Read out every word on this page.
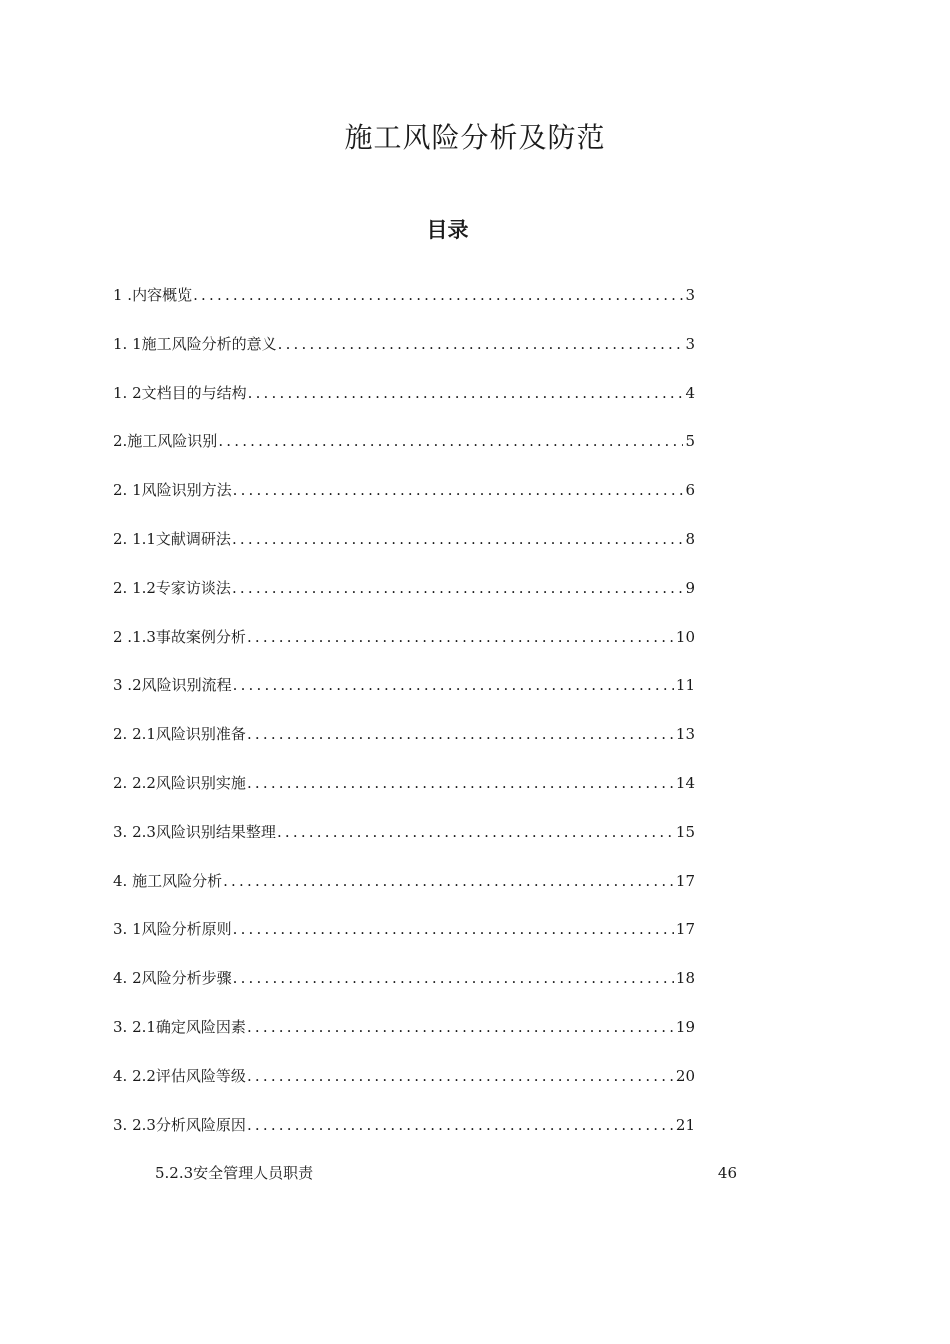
施工风险分析及防范
目录
1 .内容概览 .....	3
1. 1施工风险分析的意义 .....	3
1. 2文档目的与结构 .....	4
2.施工风险识别 .....	5
2. 1风险识别方法 .....	6
2. 1.1文献调研法 .....	8
2. 1.2专家访谈法 .....	9
2 .1.3事故案例分析 .....	10
3 .2风险识别流程 .....	11
2. 2.1风险识别准备 .....	13
2. 2.2风险识别实施 .....	14
3. 2.3风险识别结果整理 .....	15
4. 施工风险分析 .....	17
3. 1风险分析原则 .....	17
4. 2风险分析步骤 .....	18
3. 2.1确定风险因素 .....	19
4. 2.2评估风险等级 .....	20
3. 2.3分析风险原因 .....	21
5.2.3安全管理人员职责	46
